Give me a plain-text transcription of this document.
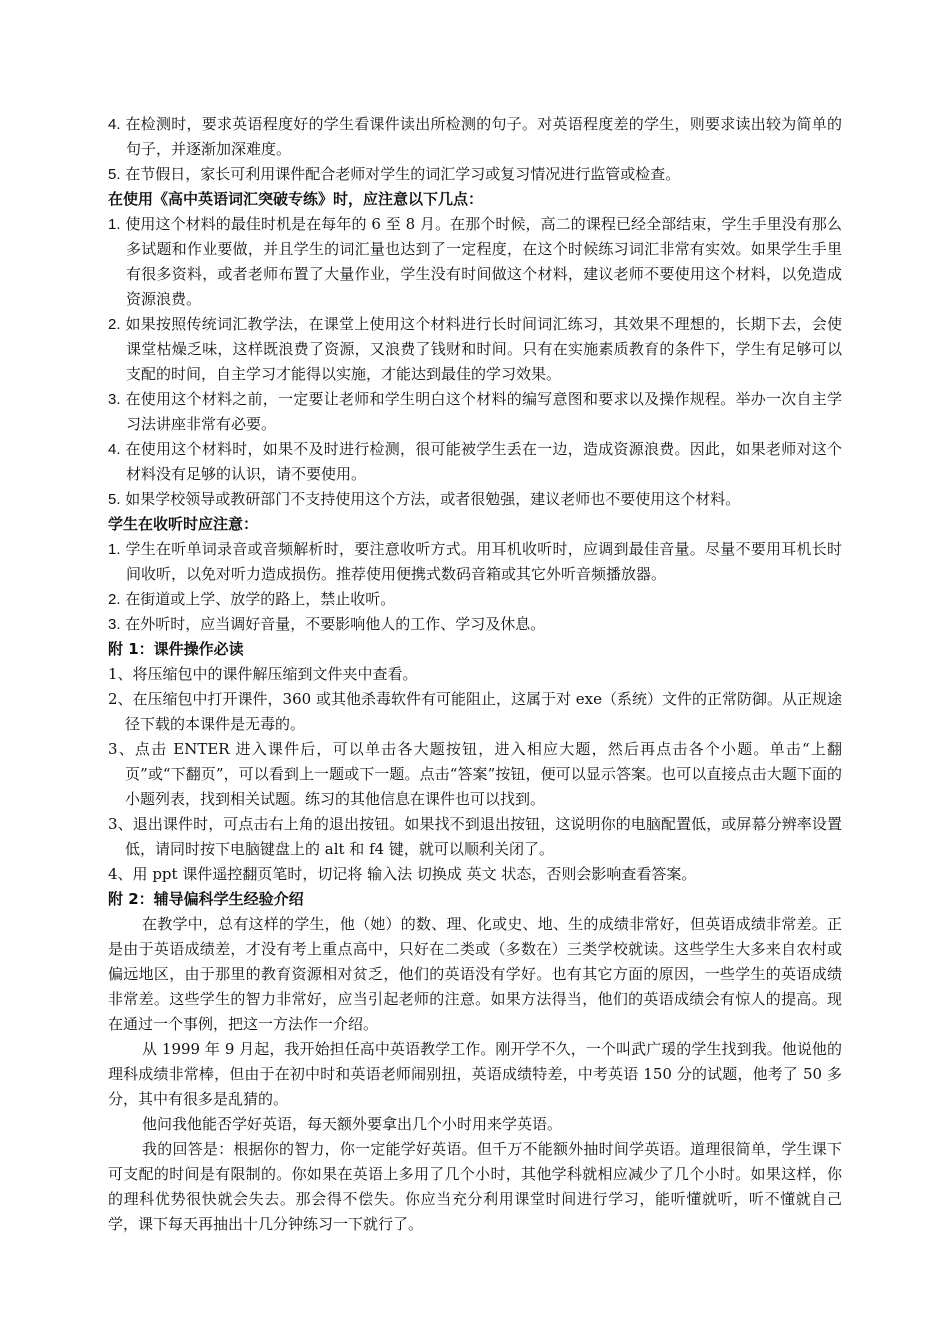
4. 在检测时，要求英语程度好的学生看课件读出所检测的句子。对英语程度差的学生，则要求读出较为简单的句子，并逐渐加深难度。

5. 在节假日，家长可利用课件配合老师对学生的词汇学习或复习情况进行监管或检查。

在使用《高中英语词汇突破专练》时，应注意以下几点：

1. 使用这个材料的最佳时机是在每年的 6 至 8 月。在那个时候，高二的课程已经全部结束，学生手里没有那么多试题和作业要做，并且学生的词汇量也达到了一定程度，在这个时候练习词汇非常有实效。如果学生手里有很多资料，或者老师布置了大量作业，学生没有时间做这个材料，建议老师不要使用这个材料，以免造成资源浪费。

2. 如果按照传统词汇教学法，在课堂上使用这个材料进行长时间词汇练习，其效果不理想的，长期下去，会使课堂枯燥乏味，这样既浪费了资源，又浪费了钱财和时间。只有在实施素质教育的条件下，学生有足够可以支配的时间，自主学习才能得以实施，才能达到最佳的学习效果。

3. 在使用这个材料之前，一定要让老师和学生明白这个材料的编写意图和要求以及操作规程。举办一次自主学习法讲座非常有必要。

4. 在使用这个材料时，如果不及时进行检测，很可能被学生丢在一边，造成资源浪费。因此，如果老师对这个材料没有足够的认识，请不要使用。

5. 如果学校领导或教研部门不支持使用这个方法，或者很勉强，建议老师也不要使用这个材料。

学生在收听时应注意：

1. 学生在听单词录音或音频解析时，要注意收听方式。用耳机收听时，应调到最佳音量。尽量不要用耳机长时间收听，以免对听力造成损伤。推荐使用便携式数码音箱或其它外听音频播放器。

2. 在街道或上学、放学的路上，禁止收听。

3. 在外听时，应当调好音量，不要影响他人的工作、学习及休息。

附 1：课件操作必读

1、将压缩包中的课件解压缩到文件夹中查看。

2、在压缩包中打开课件，360 或其他杀毒软件有可能阻止，这属于对 exe（系统）文件的正常防御。从正规途径下载的本课件是无毒的。

3、点击 ENTER 进入课件后，可以单击各大题按钮，进入相应大题，然后再点击各个小题。单击“上翻页”或“下翻页”，可以看到上一题或下一题。点击“答案”按钮，便可以显示答案。也可以直接点击大题下面的小题列表，找到相关试题。练习的其他信息在课件也可以找到。

3、退出课件时，可点击右上角的退出按钮。如果找不到退出按钮，这说明你的电脑配置低，或屏幕分辨率设置低，请同时按下电脑键盘上的 alt 和 f4 键，就可以顺利关闭了。

4、用 ppt 课件遥控翻页笔时，切记将 输入法 切换成 英文 状态，否则会影响查看答案。

附 2：辅导偏科学生经验介绍

在教学中，总有这样的学生，他（她）的数、理、化或史、地、生的成绩非常好，但英语成绩非常差。正是由于英语成绩差，才没有考上重点高中，只好在二类或（多数在）三类学校就读。这些学生大多来自农村或偏远地区，由于那里的教育资源相对贫乏，他们的英语没有学好。也有其它方面的原因，一些学生的英语成绩非常差。这些学生的智力非常好，应当引起老师的注意。如果方法得当，他们的英语成绩会有惊人的提高。现在通过一个事例，把这一方法作一介绍。

从 1999 年 9 月起，我开始担任高中英语教学工作。刚开学不久，一个叫武广瑗的学生找到我。他说他的理科成绩非常棒，但由于在初中时和英语老师闹别扭，英语成绩特差，中考英语 150 分的试题，他考了 50 多分，其中有很多是乱猜的。

他问我他能否学好英语，每天额外要拿出几个小时用来学英语。

我的回答是：根据你的智力，你一定能学好英语。但千万不能额外抽时间学英语。道理很简单，学生课下可支配的时间是有限制的。你如果在英语上多用了几个小时，其他学科就相应减少了几个小时。如果这样，你的理科优势很快就会失去。那会得不偿失。你应当充分利用课堂时间进行学习，能听懂就听，听不懂就自己学，课下每天再抽出十几分钟练习一下就行了。
